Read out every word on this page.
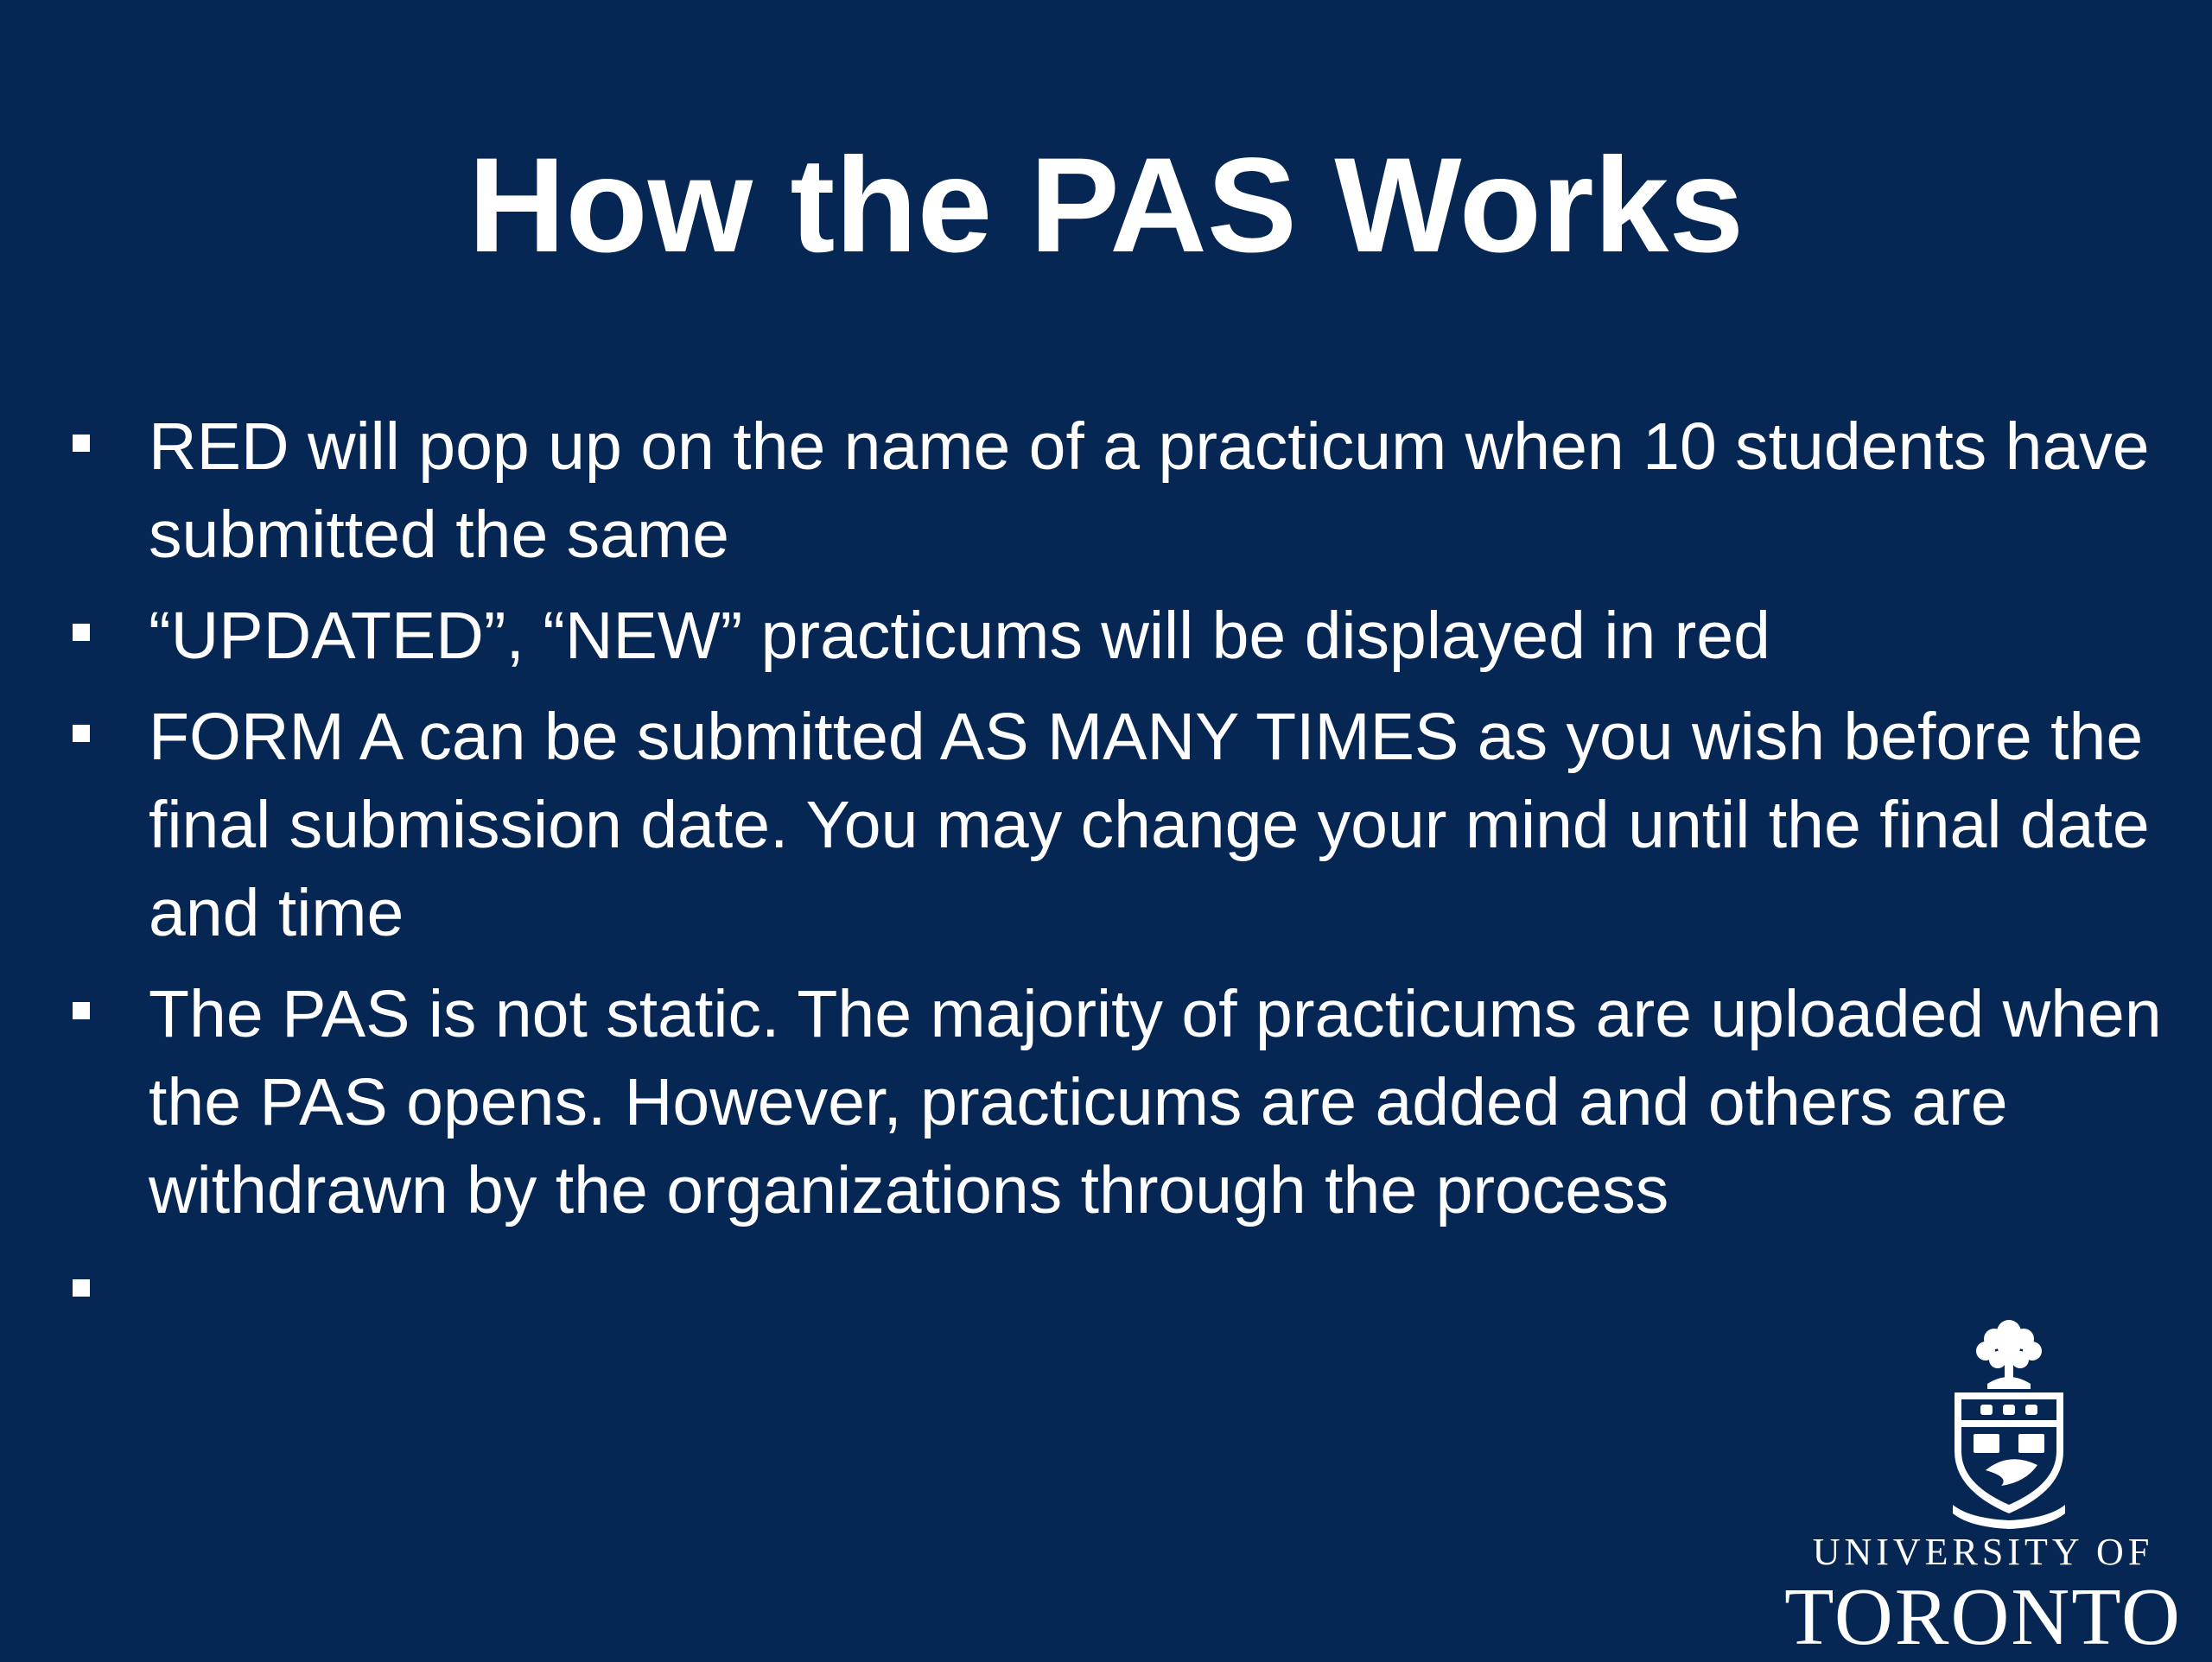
How the PAS Works
RED will pop up on the name of a practicum when 10 students have submitted the same
“UPDATED”, “NEW” practicums will be displayed in red
FORM A can be submitted AS MANY TIMES as you wish before the final submission date. You may change your mind until the final date and time
The PAS is not static. The majority of practicums are uploaded when the PAS opens. However, practicums are added and others are withdrawn by the organizations through the process
UNIVERSITY OF
TORONTO
